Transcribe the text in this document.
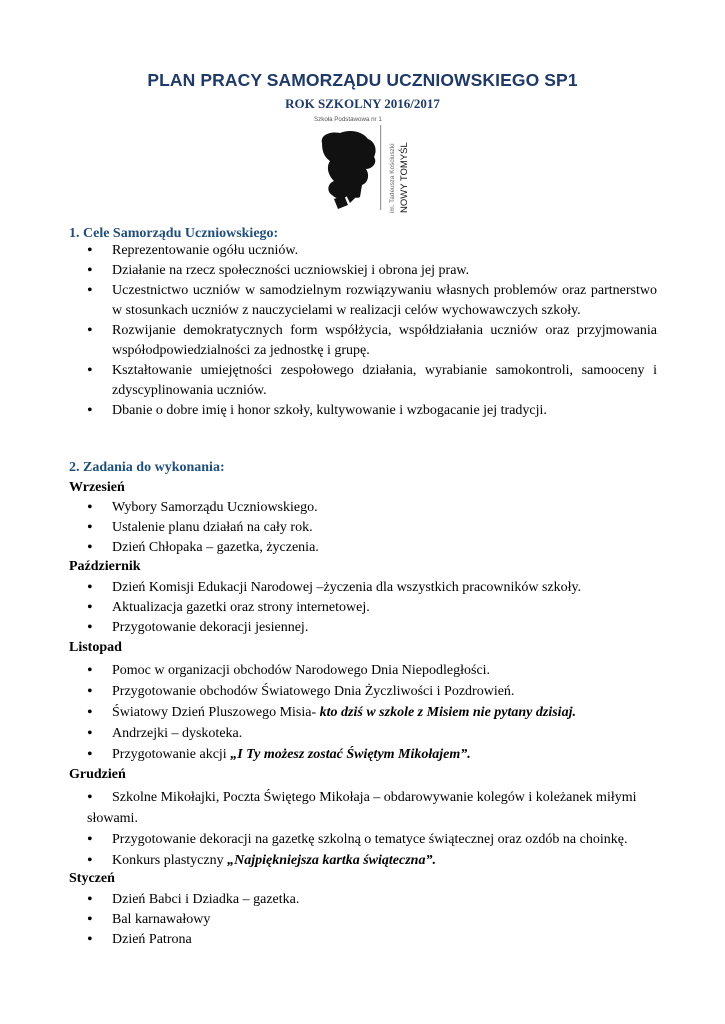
PLAN PRACY SAMORZĄDU UCZNIOWSKIEGO SP1
ROK SZKOLNY 2016/2017
Szkoła Podstawowa nr 1
im. Tadeusza Kościuszki NOWY TOMYŚL
1. Cele Samorządu Uczniowskiego:
• Reprezentowanie ogółu uczniów.
• Działanie na rzecz społeczności uczniowskiej i obrona jej praw.
• Uczestnictwo uczniów w samodzielnym rozwiązywaniu własnych problemów oraz partnerstwo w stosunkach uczniów z nauczycielami w realizacji celów wychowawczych szkoły.
• Rozwijanie demokratycznych form współżycia, współdziałania uczniów oraz przyjmowania współodpowiedzialności za jednostkę i grupę.
• Kształtowanie umiejętności zespołowego działania, wyrabianie samokontroli, samooceny i zdyscyplinowania uczniów.
• Dbanie o dobre imię i honor szkoły, kultywowanie i wzbogacanie jej tradycji.
2. Zadania do wykonania:
Wrzesień
• Wybory Samorządu Uczniowskiego.
• Ustalenie planu działań na cały rok.
• Dzień Chłopaka – gazetka, życzenia.
Październik
• Dzień Komisji Edukacji Narodowej –życzenia dla wszystkich pracowników szkoły.
• Aktualizacja gazetki oraz strony internetowej.
• Przygotowanie dekoracji jesiennej.
Listopad
• Pomoc w organizacji obchodów Narodowego Dnia Niepodległości.
• Przygotowanie obchodów Światowego Dnia Życzliwości i Pozdrowień.
• Światowy Dzień Pluszowego Misia- kto dziś w szkole z Misiem nie pytany dzisiaj.
• Andrzejki – dyskoteka.
• Przygotowanie akcji „I Ty możesz zostać Świętym Mikołajem”.
Grudzień
• Szkolne Mikołajki, Poczta Świętego Mikołaja – obdarowywanie kolegów i koleżanek miłymi słowami.
• Przygotowanie dekoracji na gazetkę szkolną o tematyce świątecznej oraz ozdób na choinkę.
• Konkurs plastyczny „Najpiękniejsza kartka świąteczna”.
Styczeń
• Dzień Babci i Dziadka – gazetka.
• Bal karnawałowy
• Dzień Patrona
